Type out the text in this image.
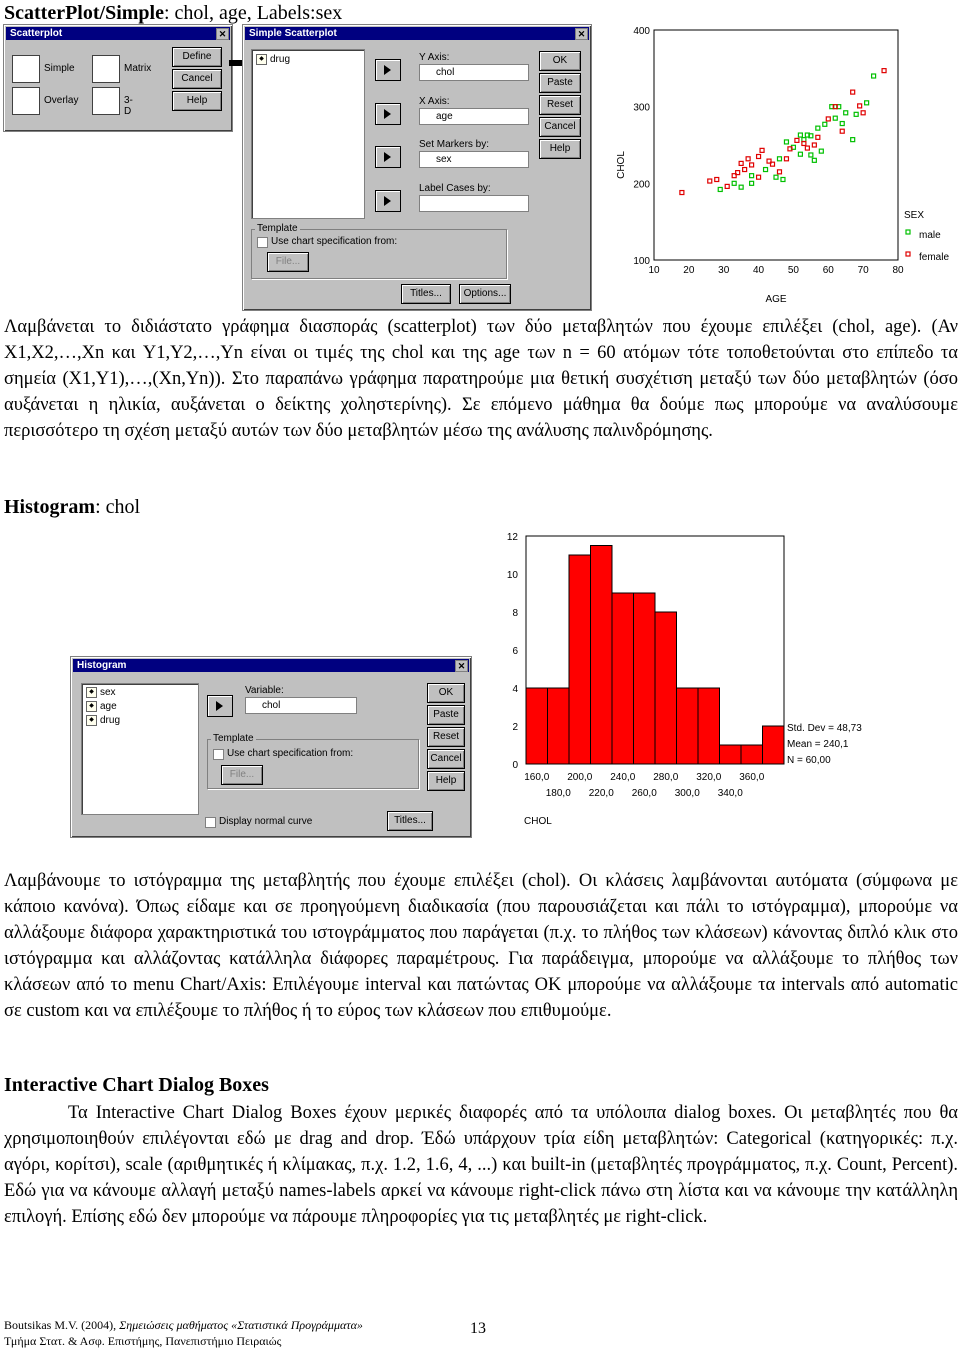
ScatterPlot/Simple: chol, age, Labels:sex
Scatterplot	✕
Simple	Matrix
Overlay	3-D
Define
Cancel
Help
Simple Scatterplot	✕
◆ drug	Y Axis:
chol
X Axis:
age
Set Markers by:
sex
Label Cases by:
OK
Paste
Reset
Cancel
Help
Template
Use chart specification from:
File...
Titles...	Options...
100
200
300
400
10 20 30 40 50 60 70 80
AGE
CHOL
SEX
male
female
Λαμβάνεται το διδιάστατο γράφημα διασποράς (scatterplot) των δύο μεταβλητών που έχουμε επιλέξει (chol, age). (Αν X1,X2,…,Xn και Y1,Y2,…,Yn είναι οι τιμές της chol και της age των n = 60 ατόμων τότε τοποθετούνται στο επίπεδο τα σημεία (X1,Y1),…,(Xn,Yn)). Στο παραπάνω γράφημα παρατηρούμε μια θετική συσχέτιση μεταξύ των δύο μεταβλητών (όσο αυξάνεται η ηλικία, αυξάνεται ο δείκτης χοληστερίνης). Σε επόμενο μάθημα θα δούμε πως μπορούμε να αναλύσουμε περισσότερο τη σχέση μεταξύ αυτών των δύο μεταβλητών μέσω της ανάλυσης παλινδρόμησης.
Histogram: chol
Histogram	✕
◆ sex
◆ age
◆ drug
Variable:
chol
Template
Use chart specification from:
File...
Display normal curve	Titles...
OK
Paste
Reset
Cancel
Help
0
2
4
6
8
10
12
160,0 200,0 240,0 280,0 320,0 360,0
180,0 220,0 260,0 300,0 340,0
CHOL
Std. Dev = 48,73
Mean = 240,1
N = 60,00
Λαμβάνουμε το ιστόγραμμα της μεταβλητής που έχουμε επιλέξει (chol). Οι κλάσεις λαμβάνονται αυτόματα (σύμφωνα με κάποιο κανόνα). Όπως είδαμε και σε προηγούμενη διαδικασία (που παρουσιάζεται και πάλι το ιστόγραμμα), μπορούμε να αλλάξουμε διάφορα χαρακτηριστικά του ιστογράμματος που παράγεται (π.χ. το πλήθος των κλάσεων) κάνοντας διπλό κλικ στο ιστόγραμμα και αλλάζοντας κατάλληλα διάφορες παραμέτρους. Για παράδειγμα, μπορούμε να αλλάξουμε το πλήθος των κλάσεων από το menu Chart/Axis: Επιλέγουμε interval και πατώντας OK μπορούμε να αλλάξουμε τα intervals από automatic σε custom και να επιλέξουμε το πλήθος ή το εύρος των κλάσεων που επιθυμούμε.
Interactive Chart Dialog Boxes
Τα Interactive Chart Dialog Boxes έχουν μερικές διαφορές από τα υπόλοιπα dialog boxes. Οι μεταβλητές που θα χρησιμοποιηθούν επιλέγονται εδώ με drag and drop. Έδώ υπάρχουν τρία είδη μεταβλητών: Categorical (κατηγορικές: π.χ. αγόρι, κορίτσι), scale (αριθμητικές ή κλίμακας, π.χ. 1.2, 1.6, 4, ...) και built-in (μεταβλητές προγράμματος, π.χ. Count, Percent). Εδώ για να κάνουμε αλλαγή μεταξύ names-labels αρκεί να κάνουμε right-click πάνω στη λίστα και να κάνουμε την κατάλληλη επιλογή. Επίσης εδώ δεν μπορούμε να πάρουμε πληροφορίες για τις μεταβλητές με right-click.
Boutsikas M.V. (2004), Σημειώσεις μαθήματος «Στατιστικά Προγράμματα»
Τμήμα Στατ. & Ασφ. Επιστήμης, Πανεπιστήμιο Πειραιώς
13
